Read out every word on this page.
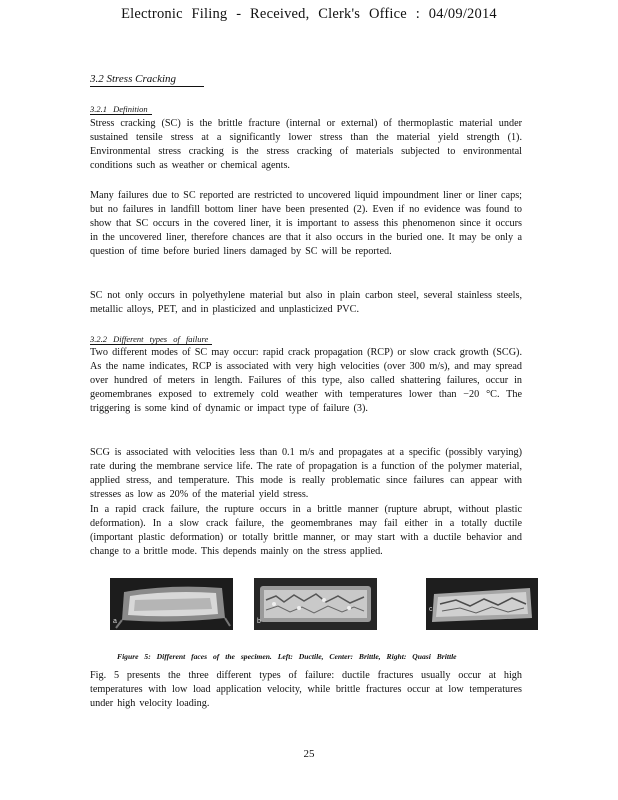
Electronic Filing - Received, Clerk's Office : 04/09/2014
3.2 Stress Cracking
3.2.1 Definition
Stress cracking (SC) is the brittle fracture (internal or external) of thermoplastic material under sustained tensile stress at a significantly lower stress than the material yield strength (1). Environmental stress cracking is the stress cracking of materials subjected to environmental conditions such as weather or chemical agents.
Many failures due to SC reported are restricted to uncovered liquid impoundment liner or liner caps; but no failures in landfill bottom liner have been presented (2). Even if no evidence was found to show that SC occurs in the covered liner, it is important to assess this phenomenon since it occurs in the uncovered liner, therefore chances are that it also occurs in the buried one. It may be only a question of time before buried liners damaged by SC will be reported.
SC not only occurs in polyethylene material but also in plain carbon steel, several stainless steels, metallic alloys, PET, and in plasticized and unplasticized PVC.
3.2.2 Different types of failure
Two different modes of SC may occur: rapid crack propagation (RCP) or slow crack growth (SCG). As the name indicates, RCP is associated with very high velocities (over 300 m/s), and may spread over hundred of meters in length. Failures of this type, also called shattering failures, occur in geomembranes exposed to extremely cold weather with temperatures lower than −20 °C. The triggering is some kind of dynamic or impact type of failure (3).
SCG is associated with velocities less than 0.1 m/s and propagates at a specific (possibly varying) rate during the membrane service life. The rate of propagation is a function of the polymer material, applied stress, and temperature. This mode is really problematic since failures can appear with stresses as low as 20% of the material yield stress.
In a rapid crack failure, the rupture occurs in a brittle manner (rupture abrupt, without plastic deformation). In a slow crack failure, the geomembranes may fail either in a totally ductile (important plastic deformation) or totally brittle manner, or may start with a ductile behavior and change to a brittle mode. This depends mainly on the stress applied.
a	b
c
Figure 5: Different faces of the specimen. Left: Ductile, Center: Brittle, Right: Quasi Brittle
Fig. 5 presents the three different types of failure: ductile fractures usually occur at high temperatures with low load application velocity, while brittle fractures occur at low temperatures under high velocity loading.
25
